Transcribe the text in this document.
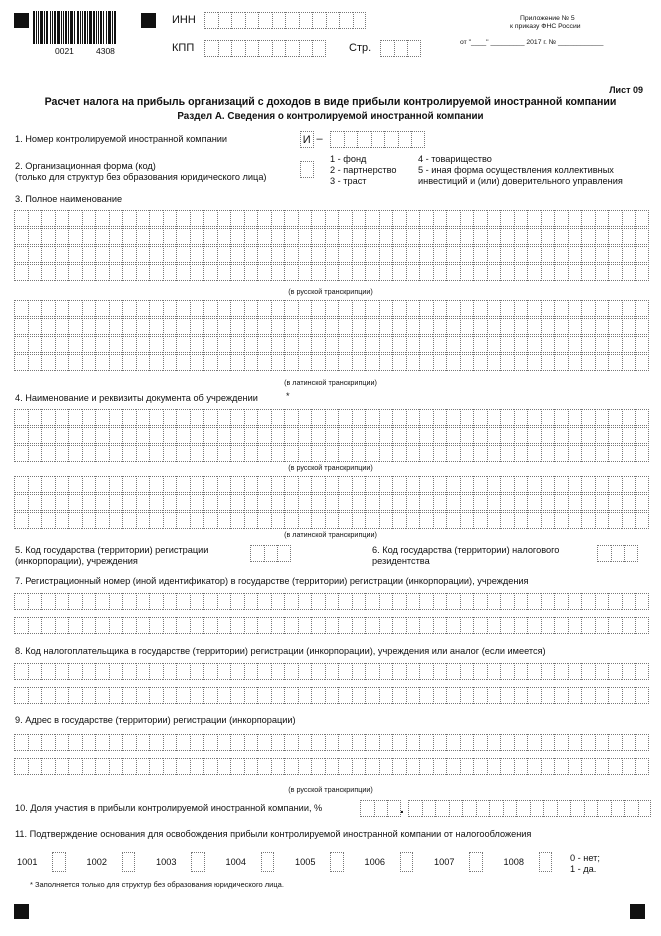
0021	4308
ИНН
КПП	Стр.
Приложение № 5
к приказу ФНС России
от "____" _________ 2017 г. № ____________
Лист 09
Расчет налога на прибыль организаций с доходов в виде прибыли контролируемой иностранной компании
Раздел А. Сведения о контролируемой иностранной компании
1. Номер контролируемой иностранной компании	И –
2. Организационная форма (код)
(только для структур без образования юридического лица)
1 - фонд
2 - партнерство
3 - траст
4 - товарищество
5 - иная форма осуществления коллективных
инвестиций и (или) доверительного управления
3. Полное наименование
(в русской транскрипции)
(в латинской транскрипции)
4. Наименование и реквизиты документа об учреждении	*
(в русской транскрипции)
(в латинской транскрипции)
5. Код государства (территории) регистрации
(инкорпорации), учреждения
6. Код государства (территории) налогового
резидентства
7. Регистрационный номер (иной идентификатор) в государстве (территории) регистрации (инкорпорации), учреждения
8. Код налогоплательщика в государстве (территории) регистрации (инкорпорации), учреждения или аналог (если имеется)
9. Адрес в государстве (территории) регистрации (инкорпорации)
(в русской транскрипции)
10. Доля участия в прибыли контролируемой иностранной компании, %	.
11. Подтверждение основания для освобождения прибыли контролируемой иностранной компании от налогообложения
1001	1002	1003	1004	1005	1006	1007	1008	0 - нет;
1 - да.
* Заполняется только для структур без образования юридического лица.
